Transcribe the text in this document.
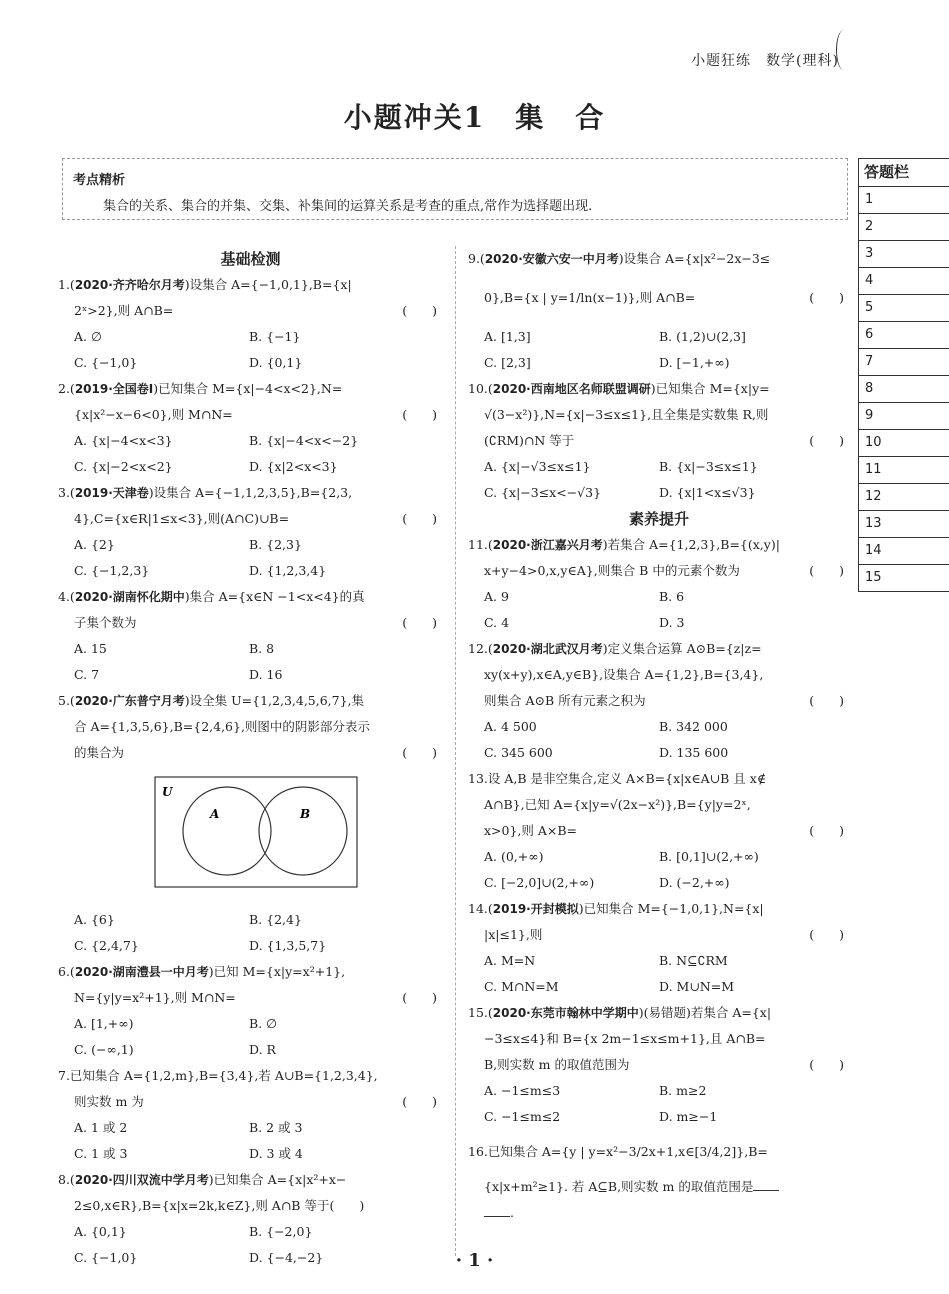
小题狂练　数学(理科)
小题冲关1　集　合
考点精析
集合的关系、集合的并集、交集、补集间的运算关系是考查的重点,常作为选择题出现.
答题栏
1
2
3
4
5
6
7
8
9
10
11
12
13
14
15
基础检测
1.(2020·齐齐哈尔月考)设集合 A={−1,0,1},B={x|
2ˣ>2},则 A∩B=	(　　)
A. ∅	B. {−1}
C. {−1,0}	D. {0,1}
2.(2019·全国卷Ⅰ)已知集合 M={x|−4<x<2},N=
{x|x²−x−6<0},则 M∩N=	(　　)
A. {x|−4<x<3}	B. {x|−4<x<−2}
C. {x|−2<x<2}	D. {x|2<x<3}
3.(2019·天津卷)设集合 A={−1,1,2,3,5},B={2,3,
4},C={x∈R|1≤x<3},则(A∩C)∪B=	(　　)
A. {2}	B. {2,3}
C. {−1,2,3}	D. {1,2,3,4}
4.(2020·湖南怀化期中)集合 A={x∈N −1<x<4}的真
子集个数为	(　　)
A. 15	B. 8
C. 7	D. 16
5.(2020·广东普宁月考)设全集 U={1,2,3,4,5,6,7},集
合 A={1,3,5,6},B={2,4,6},则图中的阴影部分表示
的集合为	(　　)
U
A	B
A. {6}	B. {2,4}
C. {2,4,7}	D. {1,3,5,7}
6.(2020·湖南澧县一中月考)已知 M={x|y=x²+1},
N={y|y=x²+1},则 M∩N=	(　　)
A. [1,+∞)	B. ∅
C. (−∞,1)	D. R
7.已知集合 A={1,2,m},B={3,4},若 A∪B={1,2,3,4},
则实数 m 为	(　　)
A. 1 或 2	B. 2 或 3
C. 1 或 3	D. 3 或 4
8.(2020·四川双流中学月考)已知集合 A={x|x²+x−
2≤0,x∈R},B={x|x=2k,k∈Z},则 A∩B 等于(　　)
A. {0,1}	B. {−2,0}
C. {−1,0}	D. {−4,−2}
9.(2020·安徽六安一中月考)设集合 A={x|x²−2x−3≤
0},B={x | y=1/ln(x−1)},则 A∩B=	(　　)
A. [1,3]	B. (1,2)∪(2,3]
C. [2,3]	D. [−1,+∞)
10.(2020·西南地区名师联盟调研)已知集合 M={x|y=
√(3−x²)},N={x|−3≤x≤1},且全集是实数集 R,则
(∁RM)∩N 等于	(　　)
A. {x|−√3≤x≤1}	B. {x|−3≤x≤1}
C. {x|−3≤x<−√3}	D. {x|1<x≤√3}
素养提升
11.(2020·浙江嘉兴月考)若集合 A={1,2,3},B={(x,y)|
x+y−4>0,x,y∈A},则集合 B 中的元素个数为	(　　)
A. 9	B. 6
C. 4	D. 3
12.(2020·湖北武汉月考)定义集合运算 A⊙B={z|z=
xy(x+y),x∈A,y∈B},设集合 A={1,2},B={3,4},
则集合 A⊙B 所有元素之积为	(　　)
A. 4 500	B. 342 000
C. 345 600	D. 135 600
13.设 A,B 是非空集合,定义 A×B={x|x∈A∪B 且 x∉
A∩B},已知 A={x|y=√(2x−x²)},B={y|y=2ˣ,
x>0},则 A×B=	(　　)
A. (0,+∞)	B. [0,1]∪(2,+∞)
C. [−2,0]∪(2,+∞)	D. (−2,+∞)
14.(2019·开封模拟)已知集合 M={−1,0,1},N={x|
|x|≤1},则	(　　)
A. M=N	B. N⊆∁RM
C. M∩N=M	D. M∪N=M
15.(2020·东莞市翰林中学期中)(易错题)若集合 A={x|
−3≤x≤4}和 B={x 2m−1≤x≤m+1},且 A∩B=
B,则实数 m 的取值范围为	(　　)
A. −1≤m≤3	B. m≥2
C. −1≤m≤2	D. m≥−1
16.已知集合 A={y | y=x²−3/2x+1,x∈[3/4,2]},B=
{x|x+m²≥1}. 若 A⊆B,则实数 m 的取值范围是
.
· 1 ·
